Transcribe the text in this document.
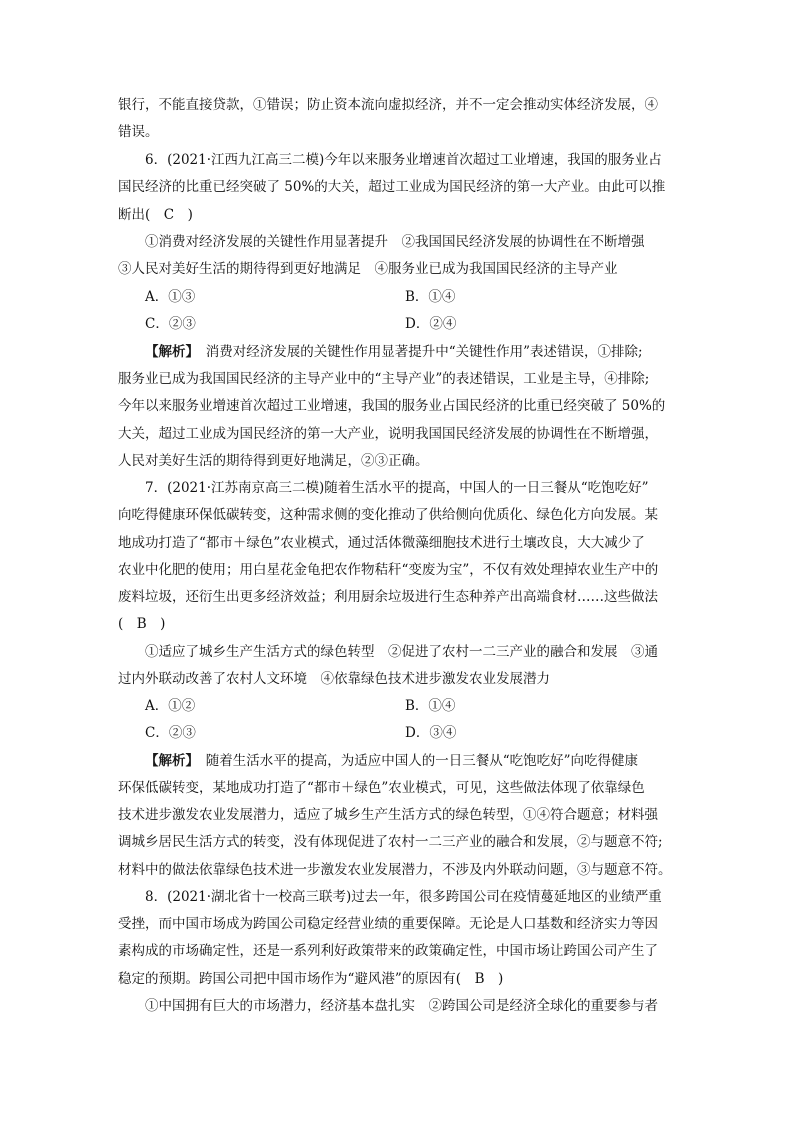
银行，不能直接贷款，①错误；防止资本流向虚拟经济，并不一定会推动实体经济发展，④
错误。
6．(2021·江西九江高三二模)今年以来服务业增速首次超过工业增速，我国的服务业占
国民经济的比重已经突破了 50%的大关，超过工业成为国民经济的第一大产业。由此可以推
断出(　C　)
①消费对经济发展的关键性作用显著提升　②我国国民经济发展的协调性在不断增强
③人民对美好生活的期待得到更好地满足　④服务业已成为我国国民经济的主导产业
A．①③	B．①④
C．②③	D．②④
【解析】　消费对经济发展的关键性作用显著提升中“关键性作用”表述错误，①排除;
服务业已成为我国国民经济的主导产业中的“主导产业”的表述错误，工业是主导，④排除;
今年以来服务业增速首次超过工业增速，我国的服务业占国民经济的比重已经突破了 50%的
大关，超过工业成为国民经济的第一大产业，说明我国国民经济发展的协调性在不断增强，
人民对美好生活的期待得到更好地满足，②③正确。
7．(2021·江苏南京高三二模)随着生活水平的提高，中国人的一日三餐从“吃饱吃好”
向吃得健康环保低碳转变，这种需求侧的变化推动了供给侧向优质化、绿色化方向发展。某
地成功打造了“都市＋绿色”农业模式，通过活体微藻细胞技术进行土壤改良，大大减少了
农业中化肥的使用；用白星花金龟把农作物秸秆“变废为宝”，不仅有效处理掉农业生产中的
废料垃圾，还衍生出更多经济效益；利用厨余垃圾进行生态种养产出高端食材……这些做法
(　B　)
①适应了城乡生产生活方式的绿色转型　②促进了农村一二三产业的融合和发展　③通
过内外联动改善了农村人文环境　④依靠绿色技术进步激发农业发展潜力
A．①②	B．①④
C．②③	D．③④
【解析】　随着生活水平的提高，为适应中国人的一日三餐从“吃饱吃好”向吃得健康
环保低碳转变，某地成功打造了“都市＋绿色”农业模式，可见，这些做法体现了依靠绿色
技术进步激发农业发展潜力，适应了城乡生产生活方式的绿色转型，①④符合题意；材料强
调城乡居民生活方式的转变，没有体现促进了农村一二三产业的融合和发展，②与题意不符;
材料中的做法依靠绿色技术进一步激发农业发展潜力，不涉及内外联动问题，③与题意不符。
8．(2021·湖北省十一校高三联考)过去一年，很多跨国公司在疫情蔓延地区的业绩严重
受挫，而中国市场成为跨国公司稳定经营业绩的重要保障。无论是人口基数和经济实力等因
素构成的市场确定性，还是一系列利好政策带来的政策确定性，中国市场让跨国公司产生了
稳定的预期。跨国公司把中国市场作为“避风港”的原因有(　B　)
①中国拥有巨大的市场潜力，经济基本盘扎实　②跨国公司是经济全球化的重要参与者
